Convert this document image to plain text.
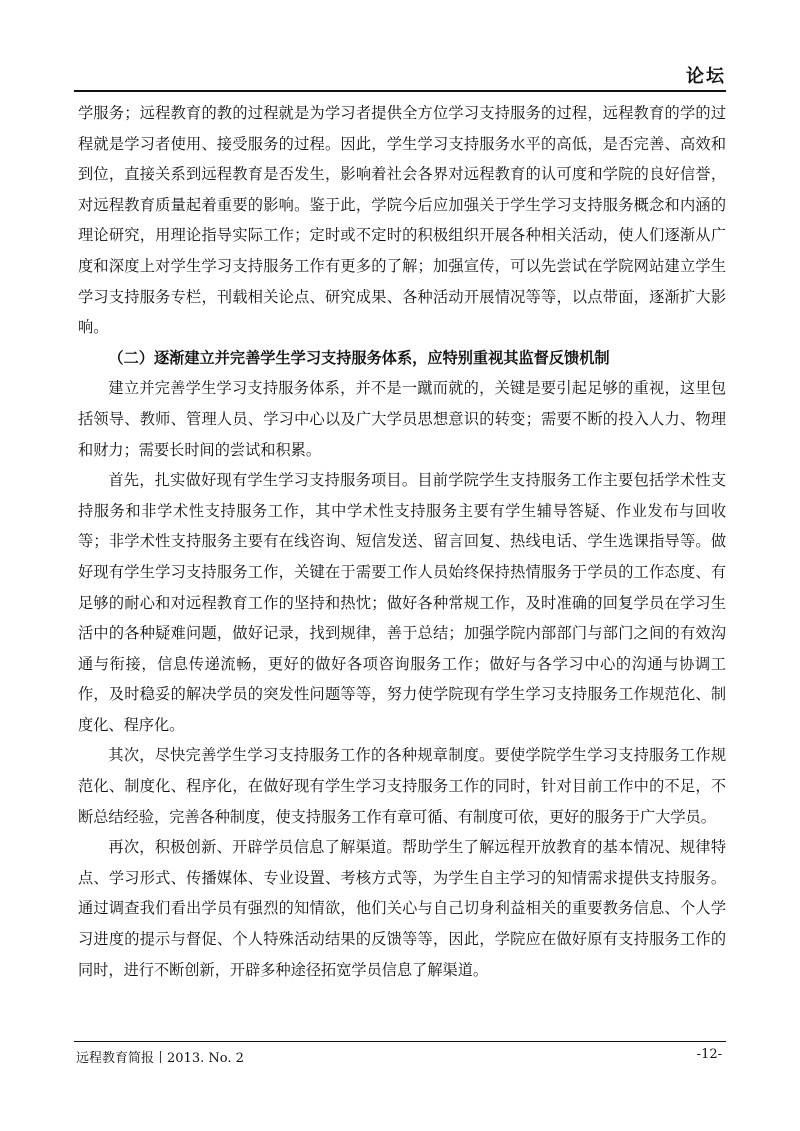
论坛

学服务；远程教育的教的过程就是为学习者提供全方位学习支持服务的过程，远程教育的学的过程就是学习者使用、接受服务的过程。因此，学生学习支持服务水平的高低，是否完善、高效和到位，直接关系到远程教育是否发生，影响着社会各界对远程教育的认可度和学院的良好信誉，对远程教育质量起着重要的影响。鉴于此，学院今后应加强关于学生学习支持服务概念和内涵的理论研究，用理论指导实际工作；定时或不定时的积极组织开展各种相关活动，使人们逐渐从广度和深度上对学生学习支持服务工作有更多的了解；加强宣传，可以先尝试在学院网站建立学生学习支持服务专栏，刊载相关论点、研究成果、各种活动开展情况等等，以点带面，逐渐扩大影响。

（二）逐渐建立并完善学生学习支持服务体系，应特别重视其监督反馈机制

建立并完善学生学习支持服务体系，并不是一蹴而就的，关键是要引起足够的重视，这里包括领导、教师、管理人员、学习中心以及广大学员思想意识的转变；需要不断的投入人力、物理和财力；需要长时间的尝试和积累。

首先，扎实做好现有学生学习支持服务项目。目前学院学生支持服务工作主要包括学术性支持服务和非学术性支持服务工作，其中学术性支持服务主要有学生辅导答疑、作业发布与回收等；非学术性支持服务主要有在线咨询、短信发送、留言回复、热线电话、学生选课指导等。做好现有学生学习支持服务工作，关键在于需要工作人员始终保持热情服务于学员的工作态度、有足够的耐心和对远程教育工作的坚持和热忱；做好各种常规工作，及时准确的回复学员在学习生活中的各种疑难问题，做好记录，找到规律，善于总结；加强学院内部部门与部门之间的有效沟通与衔接，信息传递流畅，更好的做好各项咨询服务工作；做好与各学习中心的沟通与协调工作，及时稳妥的解决学员的突发性问题等等，努力使学院现有学生学习支持服务工作规范化、制度化、程序化。

其次，尽快完善学生学习支持服务工作的各种规章制度。要使学院学生学习支持服务工作规范化、制度化、程序化，在做好现有学生学习支持服务工作的同时，针对目前工作中的不足，不断总结经验，完善各种制度，使支持服务工作有章可循、有制度可依，更好的服务于广大学员。

再次，积极创新、开辟学员信息了解渠道。帮助学生了解远程开放教育的基本情况、规律特点、学习形式、传播媒体、专业设置、考核方式等，为学生自主学习的知情需求提供支持服务。通过调查我们看出学员有强烈的知情欲，他们关心与自己切身利益相关的重要教务信息、个人学习进度的提示与督促、个人特殊活动结果的反馈等等，因此，学院应在做好原有支持服务工作的同时，进行不断创新，开辟多种途径拓宽学员信息了解渠道。

远程教育简报丨2013. No. 2	-12-
